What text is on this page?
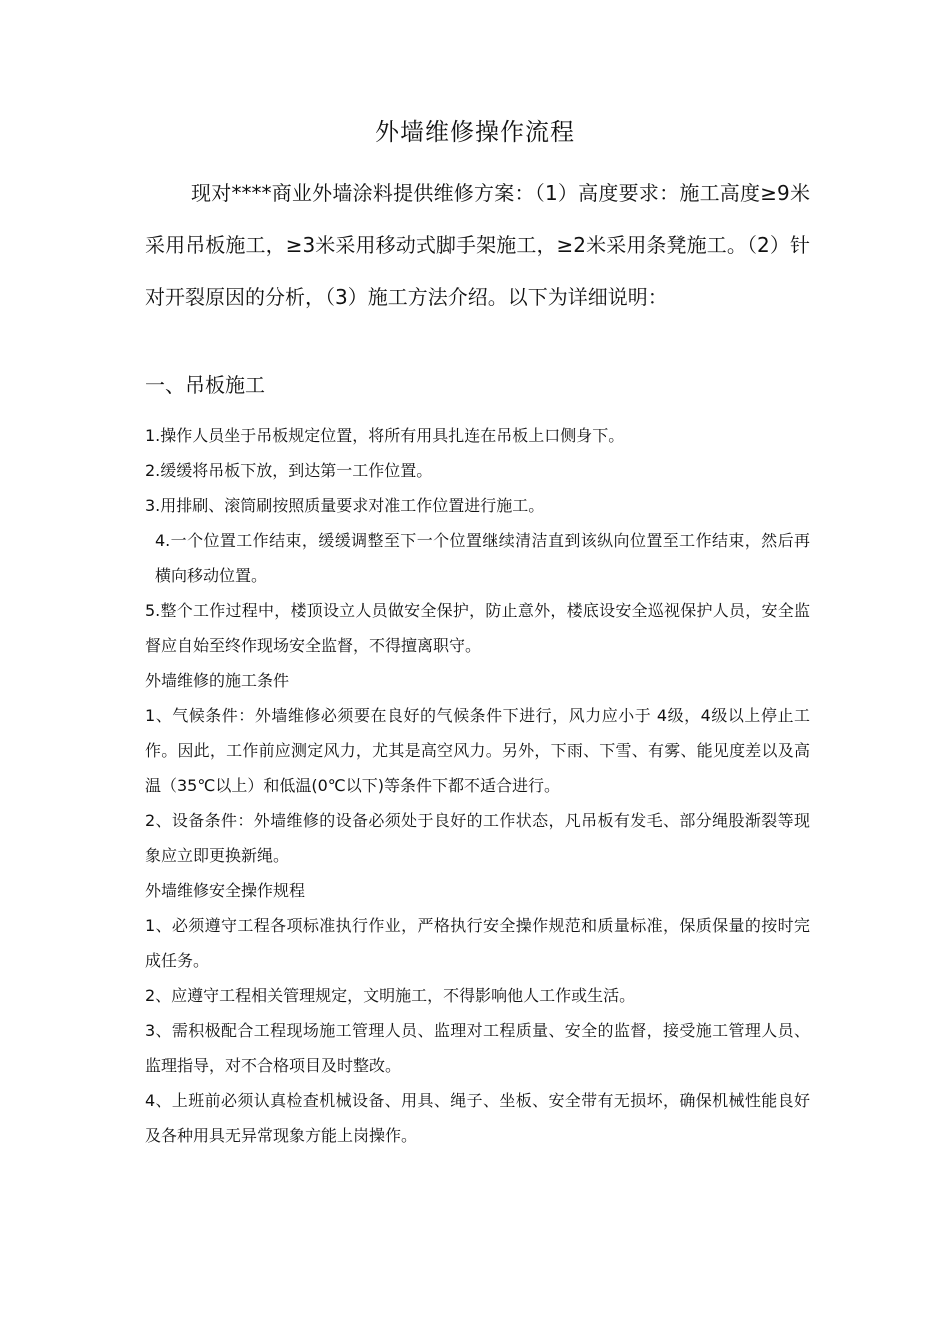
外墙维修操作流程
现对****商业外墙涂料提供维修方案：（1）高度要求：施工高度≥9米采用吊板施工，≥3米采用移动式脚手架施工，≥2米采用条凳施工。（2）针对开裂原因的分析，（3）施工方法介绍。以下为详细说明：
一、吊板施工

1.操作人员坐于吊板规定位置，将所有用具扎连在吊板上口侧身下。

2.缓缓将吊板下放，到达第一工作位置。

3.用排刷、滚筒刷按照质量要求对准工作位置进行施工。

4.一个位置工作结束，缓缓调整至下一个位置继续清洁直到该纵向位置至工作结束，然后再横向移动位置。

5.整个工作过程中，楼顶设立人员做安全保护，防止意外，楼底设安全巡视保护人员，安全监督应自始至终作现场安全监督，不得擅离职守。

外墙维修的施工条件

1、气候条件：外墙维修必须要在良好的气候条件下进行，风力应小于 4级，4级以上停止工作。因此，工作前应测定风力，尤其是高空风力。另外，下雨、下雪、有雾、能见度差以及高温（35℃以上）和低温(0℃以下)等条件下都不适合进行。

2、设备条件：外墙维修的设备必须处于良好的工作状态，凡吊板有发毛、部分绳股渐裂等现象应立即更换新绳。

外墙维修安全操作规程

1、必须遵守工程各项标准执行作业，严格执行安全操作规范和质量标准，保质保量的按时完成任务。

2、应遵守工程相关管理规定，文明施工，不得影响他人工作或生活。

3、需积极配合工程现场施工管理人员、监理对工程质量、安全的监督，接受施工管理人员、监理指导，对不合格项目及时整改。

4、上班前必须认真检查机械设备、用具、绳子、坐板、安全带有无损坏，确保机械性能良好及各种用具无异常现象方能上岗操作。
